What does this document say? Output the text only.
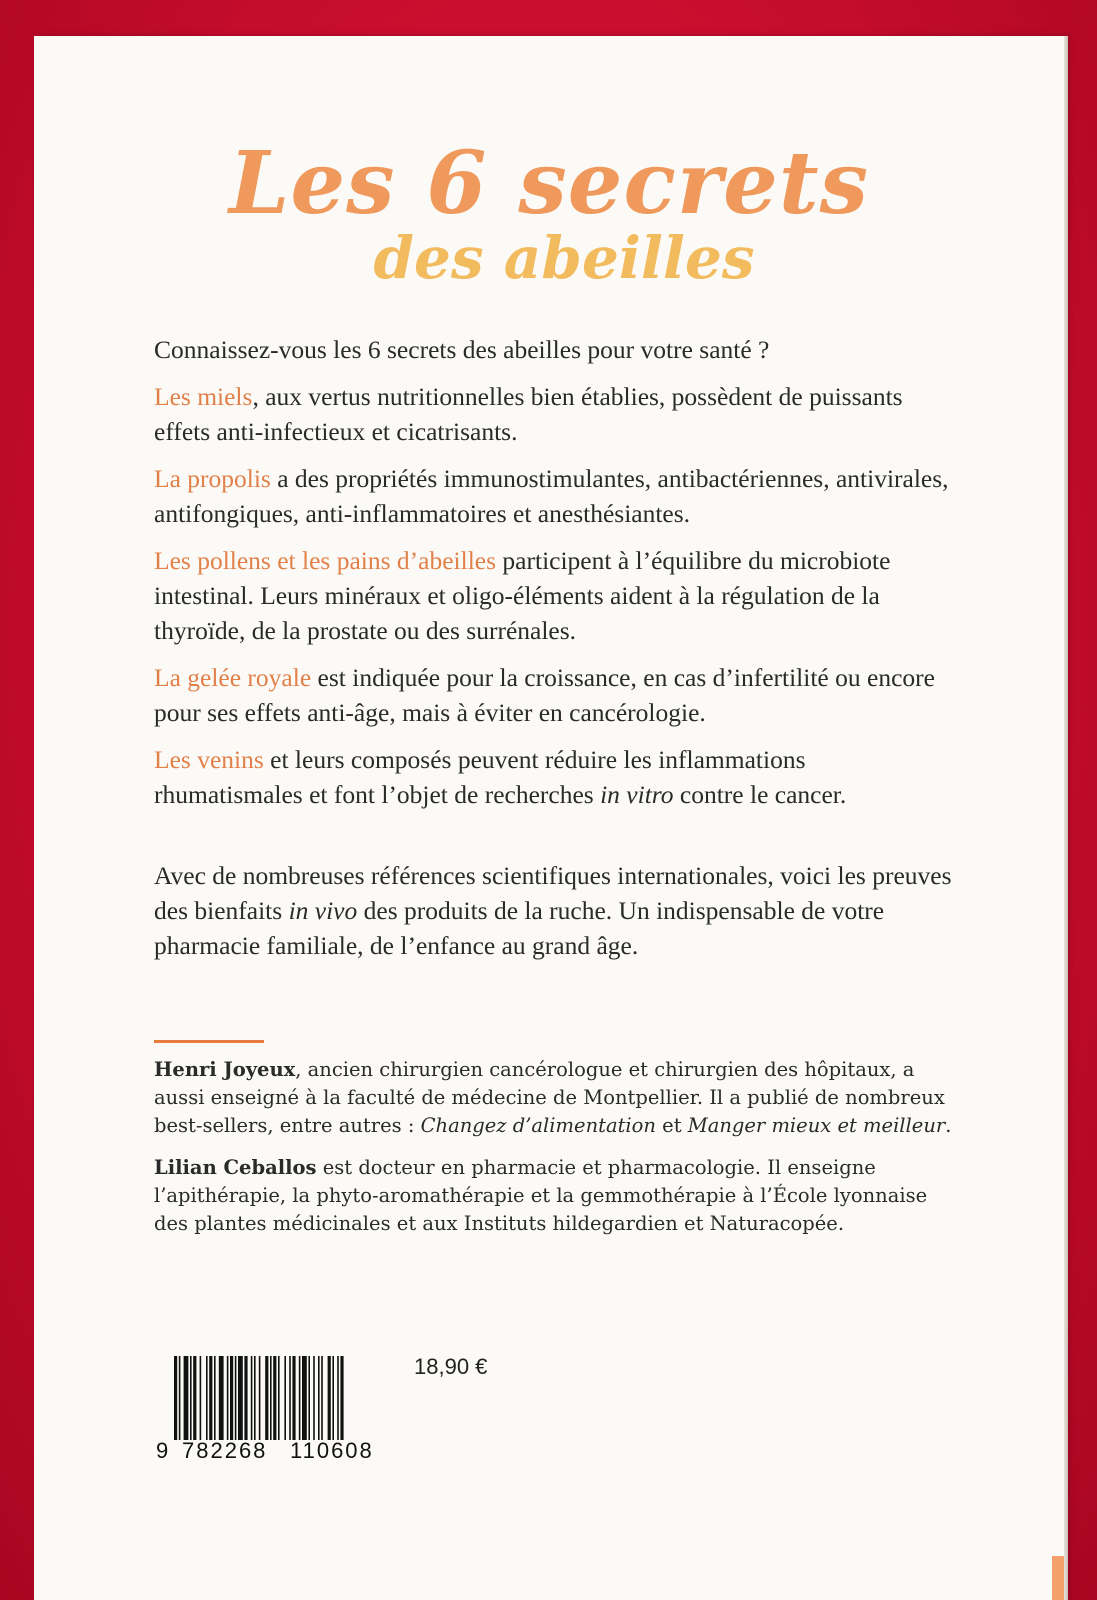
Les 6 secrets
des abeilles

Connaissez-vous les 6 secrets des abeilles pour votre santé ?

Les miels, aux vertus nutritionnelles bien établies, possèdent de puissants effets anti-infectieux et cicatrisants.

La propolis a des propriétés immunostimulantes, antibactériennes, antivirales, antifongiques, anti-inflammatoires et anesthésiantes.

Les pollens et les pains d’abeilles participent à l’équilibre du microbiote intestinal. Leurs minéraux et oligo-éléments aident à la régulation de la thyroïde, de la prostate ou des surrénales.

La gelée royale est indiquée pour la croissance, en cas d’infertilité ou encore pour ses effets anti-âge, mais à éviter en cancérologie.

Les venins et leurs composés peuvent réduire les inflammations rhumatismales et font l’objet de recherches in vitro contre le cancer.

Avec de nombreuses références scientifiques internationales, voici les preuves des bienfaits in vivo des produits de la ruche. Un indispensable de votre pharmacie familiale, de l’enfance au grand âge.

Henri Joyeux, ancien chirurgien cancérologue et chirurgien des hôpitaux, a aussi enseigné à la faculté de médecine de Montpellier. Il a publié de nombreux best-sellers, entre autres : Changez d’alimentation et Manger mieux et meilleur.

Lilian Ceballos est docteur en pharmacie et pharmacologie. Il enseigne l’apithérapie, la phyto-aromathérapie et la gemmothérapie à l’École lyonnaise des plantes médicinales et aux Instituts hildegardien et Naturacopée.

9 782268 110608
18,90 €
